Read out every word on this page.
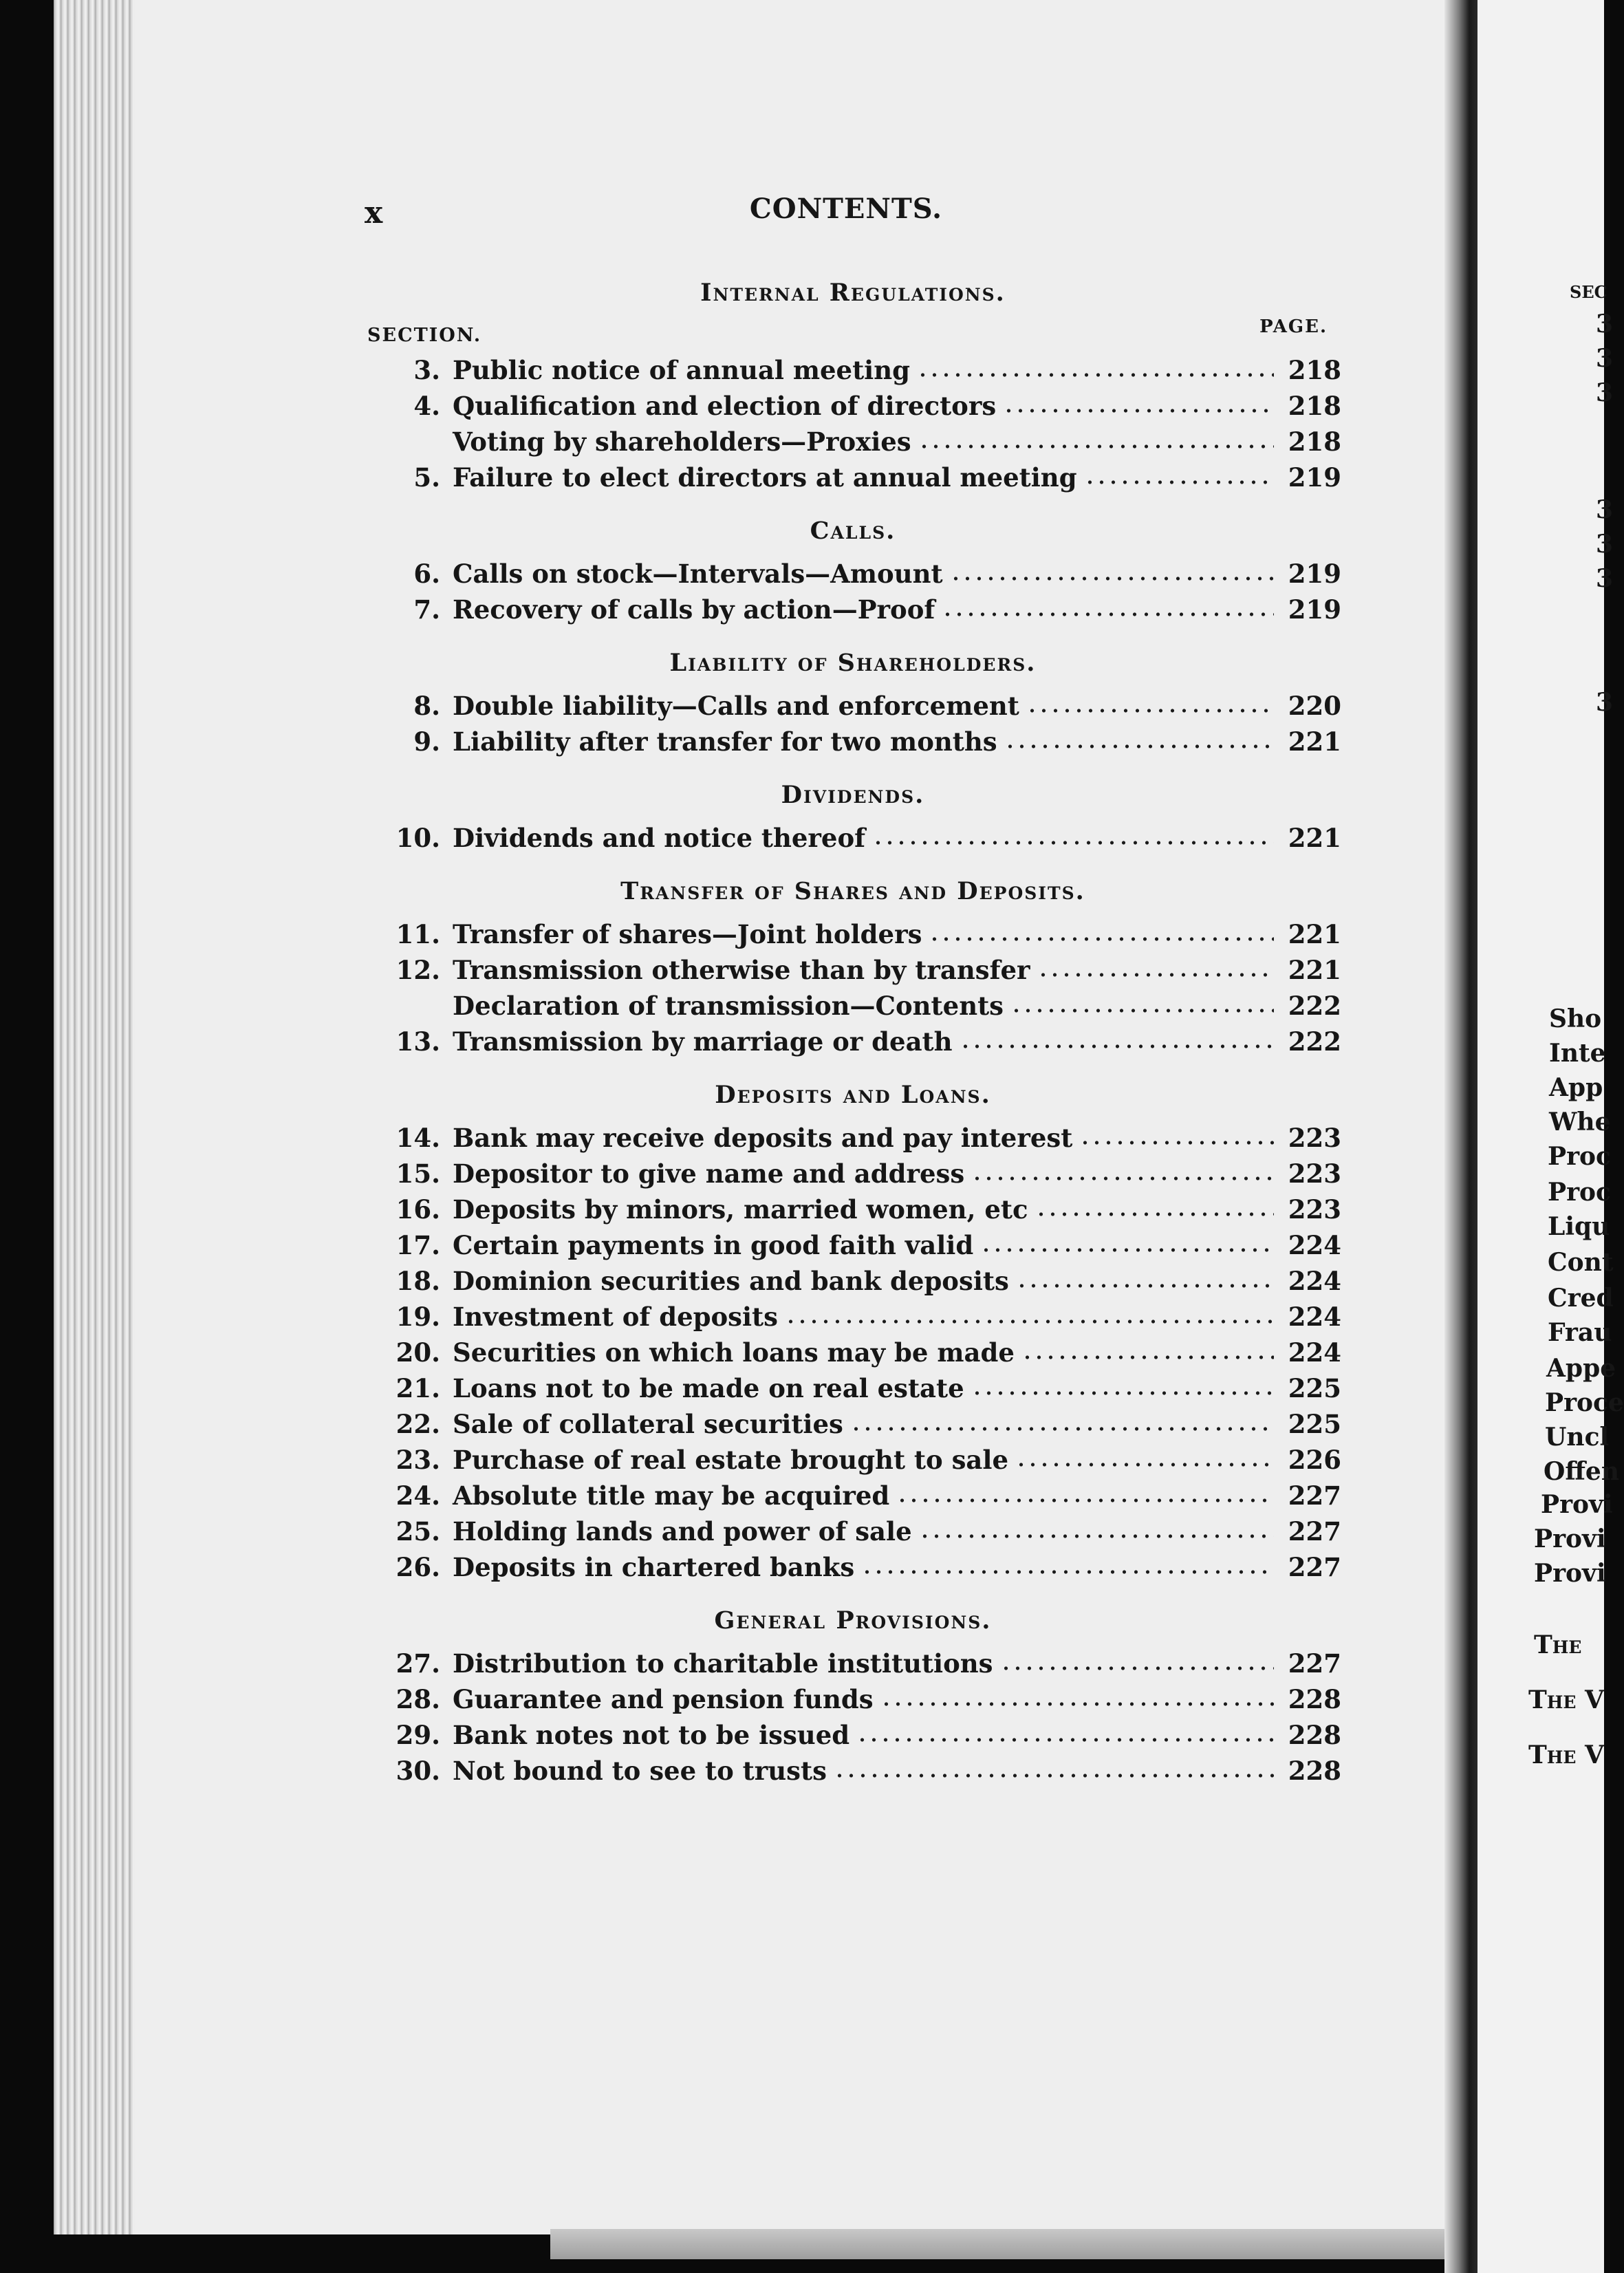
x	CONTENTS.
Internal Regulations.
SECTION.	PAGE.
3. Public notice of annual meeting	218
4. Qualification and election of directors	218
Voting by shareholders—Proxies	218
5. Failure to elect directors at annual meeting	219
Calls.
6. Calls on stock—Intervals—Amount	219
7. Recovery of calls by action—Proof	219
Liability of Shareholders.
8. Double liability—Calls and enforcement	220
9. Liability after transfer for two months	221
Dividends.
10. Dividends and notice thereof	221
Transfer of Shares and Deposits.
11. Transfer of shares—Joint holders	221
12. Transmission otherwise than by transfer	221
Declaration of transmission—Contents	222
13. Transmission by marriage or death	222
Deposits and Loans.
14. Bank may receive deposits and pay interest	223
15. Depositor to give name and address	223
16. Deposits by minors, married women, etc	223
17. Certain payments in good faith valid	224
18. Dominion securities and bank deposits	224
19. Investment of deposits	224
20. Securities on which loans may be made	224
21. Loans not to be made on real estate	225
22. Sale of collateral securities	225
23. Purchase of real estate brought to sale	226
24. Absolute title may be acquired	227
25. Holding lands and power of sale	227
26. Deposits in chartered banks	227
General Provisions.
27. Distribution to charitable institutions	227
28. Guarantee and pension funds	228
29. Bank notes not to be issued	228
30. Not bound to see to trusts	228
SEC
3
3
3
3
3
3
3
Sho
Inte
App
Whe
Proc
Proc
Liqu
Cont
Cred
Frau
Appe
Proce
Uncl
Offen
Provi
Provi
Provi
The
The V
The V
